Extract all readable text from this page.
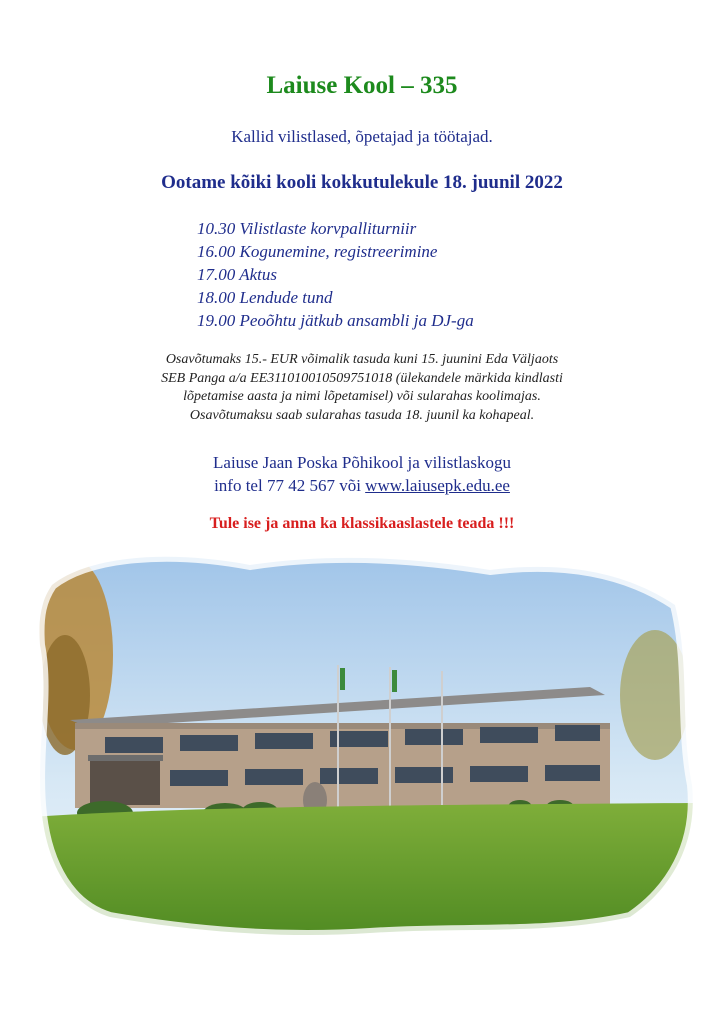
Laiuse Kool – 335
Kallid vilistlased, õpetajad ja töötajad.
Ootame kõiki kooli kokkutulekule 18. juunil 2022
10.30 Vilistlaste korvpalliturniir
16.00 Kogunemine, registreerimine
17.00 Aktus
18.00 Lendude tund
19.00 Peoõhtu jätkub ansambli ja DJ-ga
Osavõtumaks 15.- EUR võimalik tasuda kuni 15. juunini Eda Väljaots
SEB Panga a/a EE311010010509751018 (ülekandele märkida kindlasti
lõpetamise aasta ja nimi lõpetamisel) või sularahas koolimajas.
Osavõtumaksu saab sularahas tasuda 18. juunil ka kohapeal.
Laiuse Jaan Poska Põhikool ja vilistlaskogu
info tel 77 42 567 või www.laiusepk.edu.ee
Tule ise ja anna ka klassikaaslastele teada !!!
